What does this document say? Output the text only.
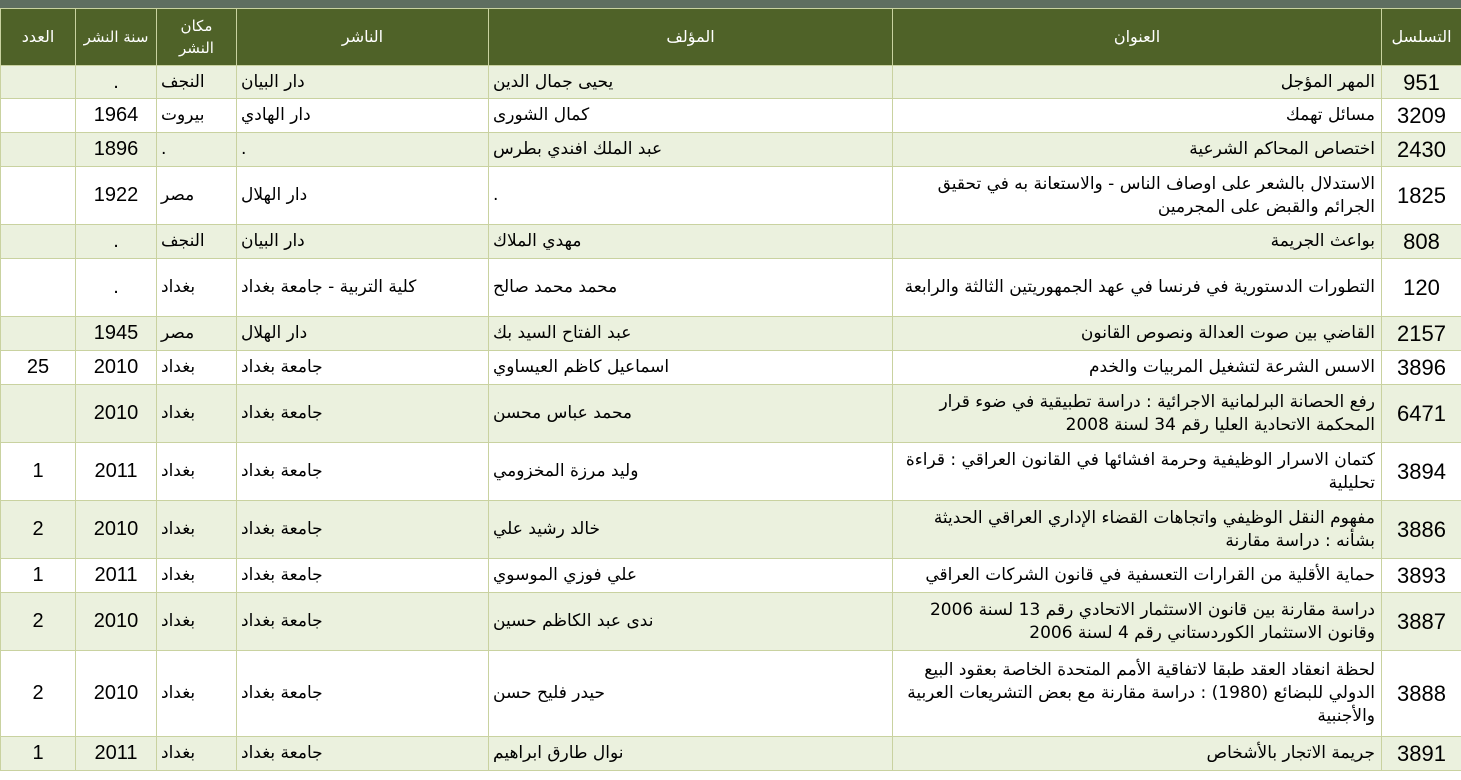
التسلسل	العنوان	المؤلف	الناشر	مكان النشر	سنة النشر	العدد
951	المهر المؤجل	يحيى جمال الدين	دار البيان	النجف	.	
3209	مسائل تهمك	كمال الشورى	دار الهادي	بيروت	1964	
2430	اختصاص المحاكم الشرعية	عبد الملك افندي بطرس	.	.	1896	
1825	الاستدلال بالشعر على اوصاف الناس - والاستعانة به في تحقيق الجرائم والقبض على المجرمين	.	دار الهلال	مصر	1922	
808	بواعث الجريمة	مهدي الملاك	دار البيان	النجف	.	
120	التطورات الدستورية في فرنسا في عهد الجمهوريتين الثالثة والرابعة	محمد محمد صالح	كلية التربية - جامعة بغداد	بغداد	.	
2157	القاضي بين صوت العدالة ونصوص القانون	عبد الفتاح السيد بك	دار الهلال	مصر	1945	
3896	الاسس الشرعة لتشغيل المربيات والخدم	اسماعيل كاظم العيساوي	جامعة بغداد	بغداد	2010	25
6471	رفع الحصانة البرلمانية الاجرائية : دراسة تطبيقية في ضوء قرار المحكمة الاتحادية العليا رقم 34 لسنة 2008	محمد عباس محسن	جامعة بغداد	بغداد	2010	
3894	كتمان الاسرار الوظيفية وحرمة افشائها في القانون العراقي : قراءة تحليلية	وليد مرزة المخزومي	جامعة بغداد	بغداد	2011	1
3886	مفهوم النقل الوظيفي واتجاهات القضاء الإداري العراقي الحديثة بشأنه : دراسة مقارنة	خالد رشيد علي	جامعة بغداد	بغداد	2010	2
3893	حماية الأقلية من القرارات التعسفية في قانون الشركات العراقي	علي فوزي الموسوي	جامعة بغداد	بغداد	2011	1
3887	دراسة مقارنة بين قانون الاستثمار الاتحادي رقم 13 لسنة 2006 وقانون الاستثمار الكوردستاني رقم 4 لسنة 2006	ندى عبد الكاظم حسين	جامعة بغداد	بغداد	2010	2
3888	لحظة انعقاد العقد طبقا لاتفاقية الأمم المتحدة الخاصة بعقود البيع الدولي للبضائع (1980) : دراسة مقارنة مع بعض التشريعات العربية والأجنبية	حيدر فليح حسن	جامعة بغداد	بغداد	2010	2
3891	جريمة الاتجار بالأشخاص	نوال طارق ابراهيم	جامعة بغداد	بغداد	2011	1
